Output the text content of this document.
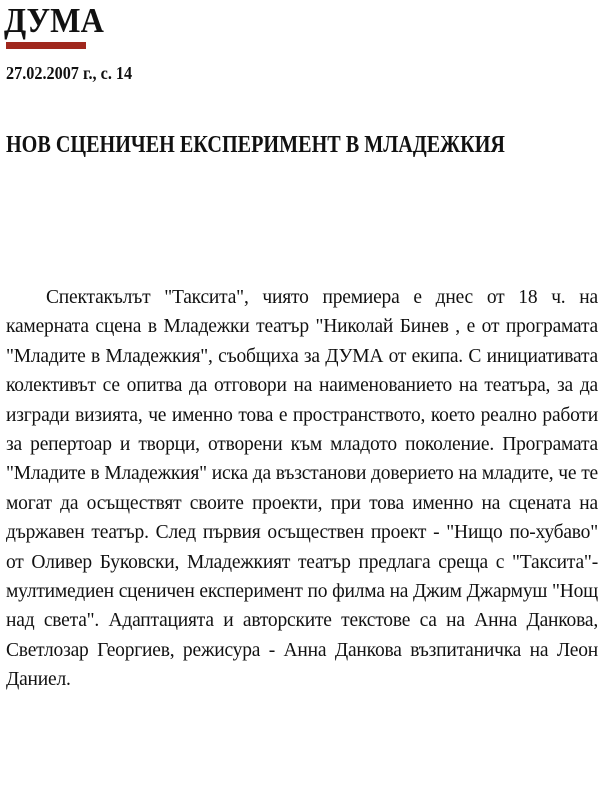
ДУМА
27.02.2007 г., с. 14
НОВ СЦЕНИЧЕН ЕКСПЕРИМЕНТ В МЛАДЕЖКИЯ

Спектакълът "Таксита", чиято премиера е днес от 18 ч. на камерната сцена в Младежки театър "Николай Бинев , е от програмата "Младите в Младежкия", съобщиха за ДУМА от екипа. С инициативата колективът се опитва да отговори на наименованието на театъра, за да изгради визията, че именно това е пространството, което реално работи за репертоар и творци, отворени към младото поколение. Програмата "Младите в Младежкия" иска да възстанови доверието на младите, че те могат да осъществят своите проекти, при това именно на сцената на държавен театър. След първия осъществен проект - "Нищо по-хубаво" от Оливер Буковски, Младежкият театър предлага среща с "Таксита"- мултимедиен сценичен експеримент по филма на Джим Джармуш "Нощ над света". Адаптацията и авторските текстове са на Анна Данкова, Светлозар Георгиев, режисура - Анна Данкова възпитаничка на Леон Даниел.
